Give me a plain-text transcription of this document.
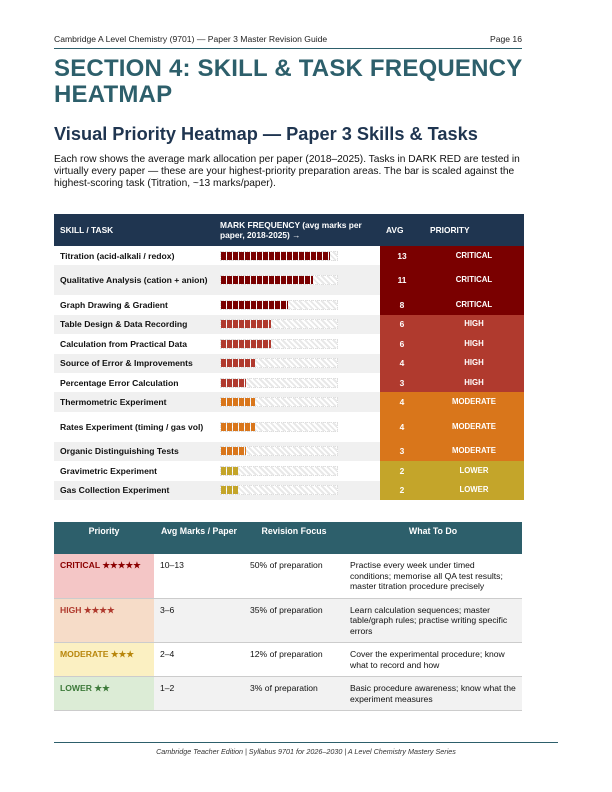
Cambridge A Level Chemistry (9701) — Paper 3 Master Revision Guide	Page 16
SECTION 4: SKILL & TASK FREQUENCY HEATMAP
Visual Priority Heatmap — Paper 3 Skills & Tasks

Each row shows the average mark allocation per paper (2018–2025). Tasks in DARK RED are tested in virtually every paper — these are your highest-priority preparation areas. The bar is scaled against the highest-scoring task (Titration, ~13 marks/paper).

SKILL / TASK	MARK FREQUENCY (avg marks per paper, 2018-2025) →	AVG	PRIORITY
Titration (acid-alkali / redox)		13	CRITICAL
Qualitative Analysis (cation + anion)		11	CRITICAL
Graph Drawing & Gradient		8	CRITICAL
Table Design & Data Recording		6	HIGH
Calculation from Practical Data		6	HIGH
Source of Error & Improvements		4	HIGH
Percentage Error Calculation		3	HIGH
Thermometric Experiment		4	MODERATE
Rates Experiment (timing / gas vol)		4	MODERATE
Organic Distinguishing Tests		3	MODERATE
Gravimetric Experiment		2	LOWER
Gas Collection Experiment		2	LOWER
Priority	Avg Marks / Paper	Revision Focus	What To Do
CRITICAL ★★★★★	10–13	50% of preparation	Practise every week under timed conditions; memorise all QA test results; master titration procedure precisely
HIGH ★★★★	3–6	35% of preparation	Learn calculation sequences; master table/graph rules; practise writing specific errors
MODERATE ★★★	2–4	12% of preparation	Cover the experimental procedure; know what to record and how
LOWER ★★	1–2	3% of preparation	Basic procedure awareness; know what the experiment measures
Cambridge Teacher Edition | Syllabus 9701 for 2026–2030 | A Level Chemistry Mastery Series
